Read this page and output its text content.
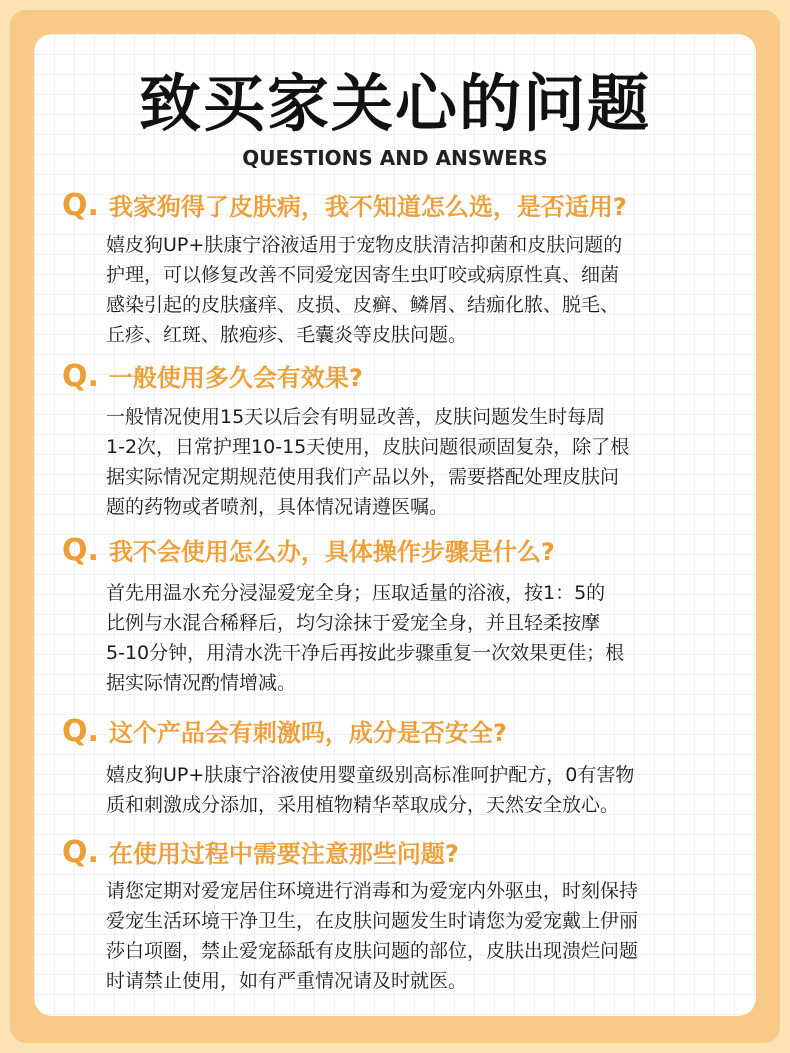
致买家关心的问题
QUESTIONS AND ANSWERS
Q. 我家狗得了皮肤病，我不知道怎么选，是否适用?
嬉皮狗UP+肤康宁浴液适用于宠物皮肤清洁抑菌和皮肤问题的
护理，可以修复改善不同爱宠因寄生虫叮咬或病原性真、细菌
感染引起的皮肤瘙痒、皮损、皮癣、鳞屑、结痂化脓、脱毛、
丘疹、红斑、脓疱疹、毛囊炎等皮肤问题。
Q. 一般使用多久会有效果?
一般情况使用15天以后会有明显改善，皮肤问题发生时每周
1-2次，日常护理10-15天使用，皮肤问题很顽固复杂，除了根
据实际情况定期规范使用我们产品以外，需要搭配处理皮肤问
题的药物或者喷剂，具体情况请遵医嘱。
Q. 我不会使用怎么办，具体操作步骤是什么?
首先用温水充分浸湿爱宠全身；压取适量的浴液，按1：5的
比例与水混合稀释后，均匀涂抹于爱宠全身，并且轻柔按摩
5-10分钟，用清水洗干净后再按此步骤重复一次效果更佳；根
据实际情况酌情增减。
Q. 这个产品会有刺激吗，成分是否安全?
嬉皮狗UP+肤康宁浴液使用婴童级别高标准呵护配方，0有害物
质和刺激成分添加，采用植物精华萃取成分，天然安全放心。
Q. 在使用过程中需要注意那些问题?
请您定期对爱宠居住环境进行消毒和为爱宠内外驱虫，时刻保持
爱宠生活环境干净卫生，在皮肤问题发生时请您为爱宠戴上伊丽
莎白项圈，禁止爱宠舔舐有皮肤问题的部位，皮肤出现溃烂问题
时请禁止使用，如有严重情况请及时就医。
